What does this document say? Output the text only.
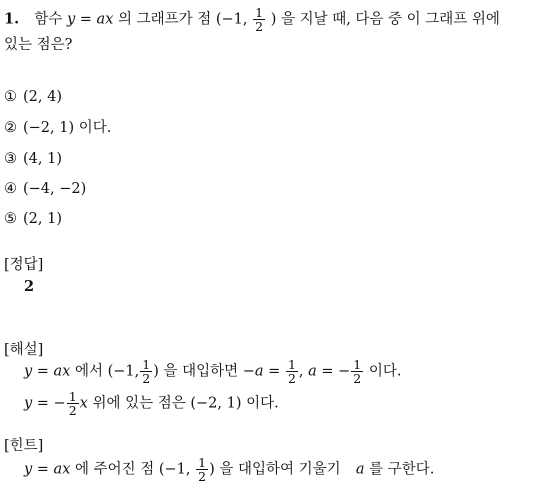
1. 함수 y = ax 의 그래프가 점 (−1, $\frac{1}{2}$ ) 을 지날 때, 다음 중 이 그래프 위에
있는 점은?
① (2, 4)
② (−2, 1) 이다.
③ (4, 1)
④ (−4, −2)
⑤ (2, 1)
[정답]
2
[해설]
y = ax 에서 (−1, $\frac{1}{2}$ ) 을 대입하면 $-a = \frac{1}{2}$ , a = − $\frac{1}{2}$ 이다.
y = − $\frac{1}{2}$ x 위에 있는 점은 (−2, 1) 이다.
[힌트]
y = ax 에 주어진 점 (−1, $\frac{1}{2}$ ) 을 대입하여 기울기 a 를 구한다.
